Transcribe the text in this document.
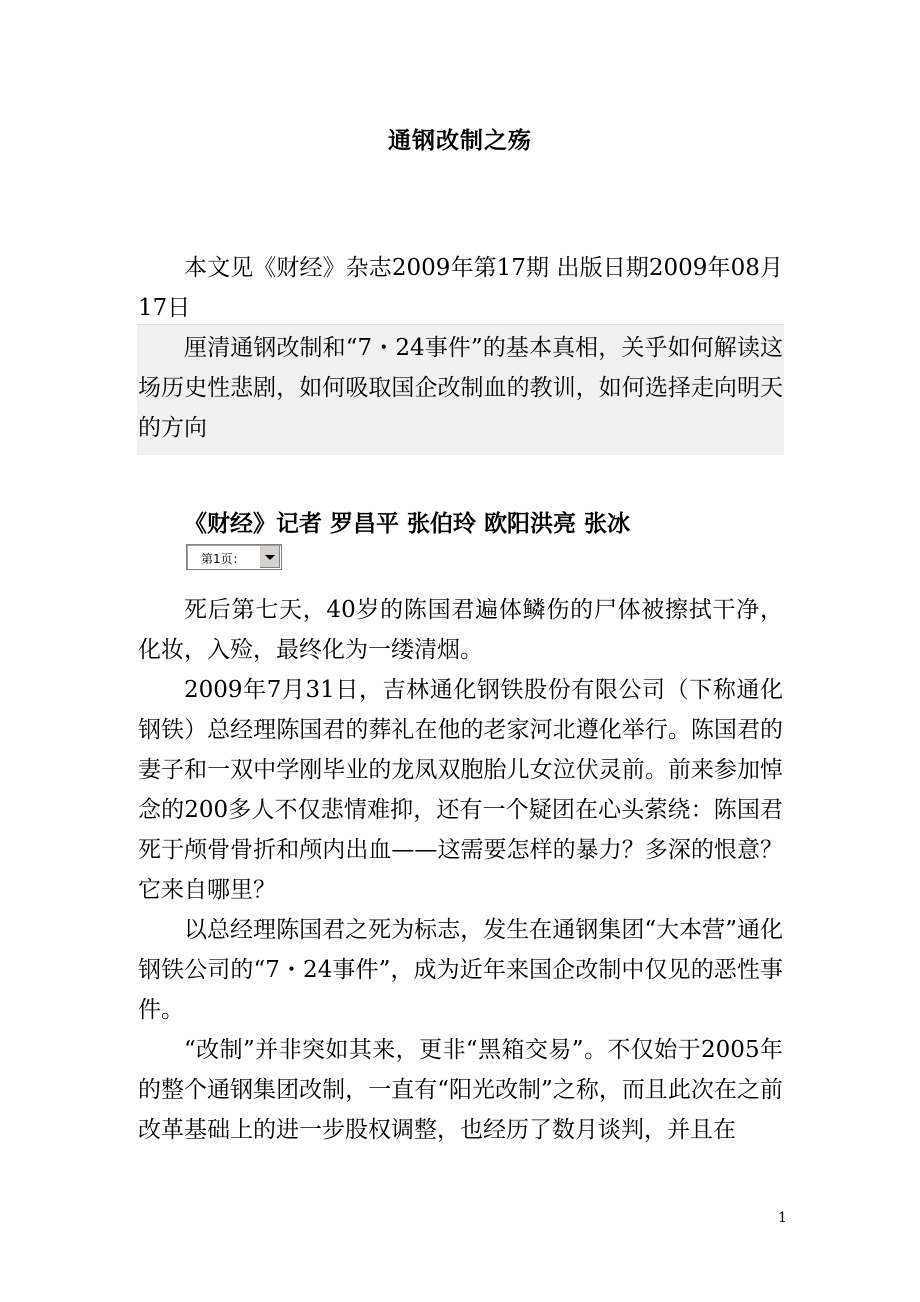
通钢改制之殇

本文见《财经》杂志2009年第17期 出版日期2009年08月17日

厘清通钢改制和“7・24事件”的基本真相，关乎如何解读这场历史性悲剧，如何吸取国企改制血的教训，如何选择走向明天的方向

《财经》记者 罗昌平 张伯玲 欧阳洪亮 张冰
第1页：

死后第七天，40岁的陈国君遍体鳞伤的尸体被擦拭干净，化妆，入殓，最终化为一缕清烟。

2009年7月31日，吉林通化钢铁股份有限公司（下称通化钢铁）总经理陈国君的葬礼在他的老家河北遵化举行。陈国君的妻子和一双中学刚毕业的龙凤双胞胎儿女泣伏灵前。前来参加悼念的200多人不仅悲情难抑，还有一个疑团在心头萦绕：陈国君死于颅骨骨折和颅内出血——这需要怎样的暴力？多深的恨意？它来自哪里？

以总经理陈国君之死为标志，发生在通钢集团“大本营”通化钢铁公司的“7・24事件”，成为近年来国企改制中仅见的恶性事件。

“改制”并非突如其来，更非“黑箱交易”。不仅始于2005年的整个通钢集团改制，一直有“阳光改制”之称，而且此次在之前改革基础上的进一步股权调整，也经历了数月谈判，并且在

1
